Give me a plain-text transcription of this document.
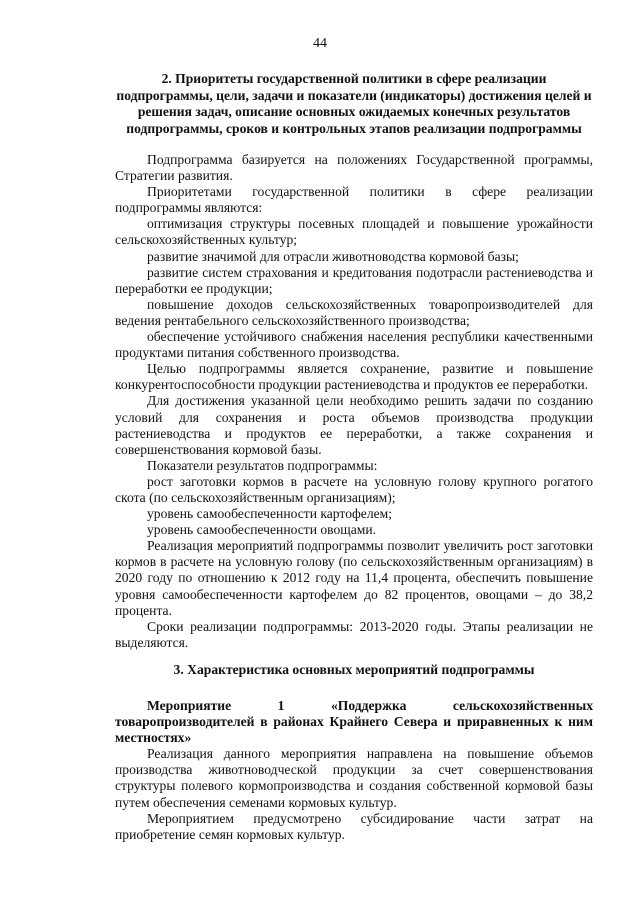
44
2. Приоритеты государственной политики в сфере реализации подпрограммы, цели, задачи и показатели (индикаторы) достижения целей и решения задач, описание основных ожидаемых конечных результатов подпрограммы, сроков и контрольных этапов реализации подпрограммы

Подпрограмма базируется на положениях Государственной программы, Стратегии развития.

Приоритетами государственной политики в сфере реализации подпрограммы являются:

оптимизация структуры посевных площадей и повышение урожайности сельскохозяйственных культур;

развитие значимой для отрасли животноводства кормовой базы;

развитие систем страхования и кредитования подотрасли растениеводства и переработки ее продукции;

повышение доходов сельскохозяйственных товаропроизводителей для ведения рентабельного сельскохозяйственного производства;

обеспечение устойчивого снабжения населения республики качественными продуктами питания собственного производства.

Целью подпрограммы является сохранение, развитие и повышение конкурентоспособности продукции растениеводства и продуктов ее переработки.

Для достижения указанной цели необходимо решить задачи по созданию условий для сохранения и роста объемов производства продукции растениеводства и продуктов ее переработки, а также сохранения и совершенствования кормовой базы.

Показатели результатов подпрограммы:

рост заготовки кормов в расчете на условную голову крупного рогатого скота (по сельскохозяйственным организациям);

уровень самообеспеченности картофелем;

уровень самообеспеченности овощами.

Реализация мероприятий подпрограммы позволит увеличить рост заготовки кормов в расчете на условную голову (по сельскохозяйственным организациям) в 2020 году по отношению к 2012 году на 11,4 процента, обеспечить повышение уровня самообеспеченности картофелем до 82 процентов, овощами – до 38,2 процента.

Сроки реализации подпрограммы: 2013-2020 годы. Этапы реализации не выделяются.

3. Характеристика основных мероприятий подпрограммы

Мероприятие 1 «Поддержка сельскохозяйственных товаропроизводителей в районах Крайнего Севера и приравненных к ним местностях»

Реализация данного мероприятия направлена на повышение объемов производства животноводческой продукции за счет совершенствования структуры полевого кормопроизводства и создания собственной кормовой базы путем обеспечения семенами кормовых культур.

Мероприятием предусмотрено субсидирование части затрат на приобретение семян кормовых культур.
